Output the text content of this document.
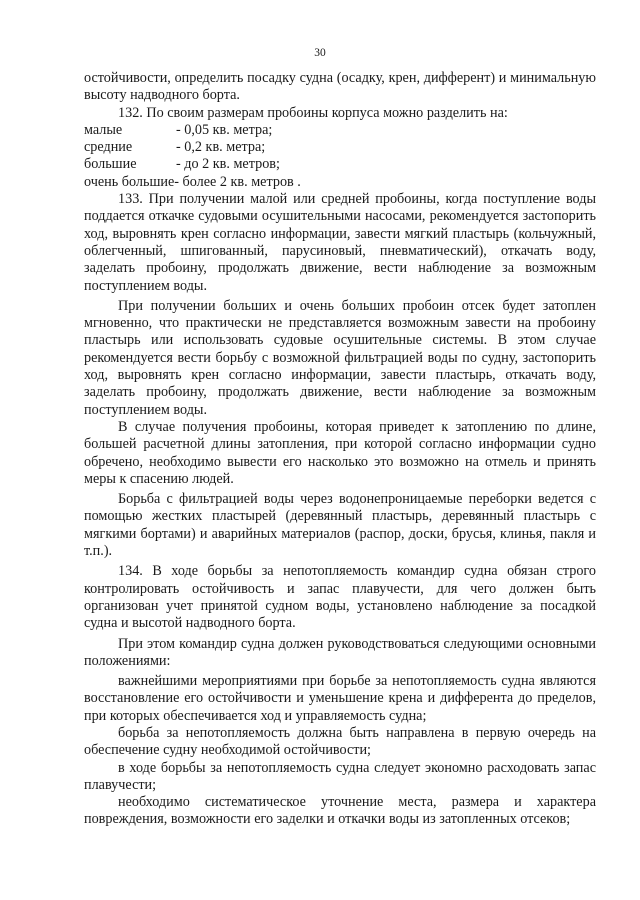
30

остойчивости, определить посадку судна (осадку, крен, дифферент) и минимальную высоту надводного борта.

132. По своим размерам пробоины корпуса можно разделить на:

малые	- 0,05 кв. метра;
средние	- 0,2 кв. метра;
большие	- до 2 кв. метров;
очень большие - более 2 кв. метров .

133. При получении малой или средней пробоины, когда поступление воды поддается откачке судовыми осушительными насосами, рекомендуется застопорить ход, выровнять крен согласно информации, завести мягкий пластырь (кольчужный, облегченный, шпигованный, парусиновый, пневматический), откачать воду, заделать пробоину, продолжать движение, вести наблюдение за возможным поступлением воды.

При получении больших и очень больших пробоин отсек будет затоплен мгновенно, что практически не представляется возможным завести на пробоину пластырь или использовать судовые осушительные системы. В этом случае рекомендуется вести борьбу с возможной фильтрацией воды по судну, застопорить ход, выровнять крен согласно информации, завести пластырь, откачать воду, заделать пробоину, продолжать движение, вести наблюдение за возможным поступлением воды.

В случае получения пробоины, которая приведет к затоплению по длине, большей расчетной длины затопления, при которой согласно информации судно обречено, необходимо вывести его насколько это возможно на отмель и принять меры к спасению людей.

Борьба с фильтрацией воды через водонепроницаемые переборки ведется с помощью жестких пластырей (деревянный пластырь, деревянный пластырь с мягкими бортами) и аварийных материалов (распор, доски, брусья, клинья, пакля и т.п.).

134. В ходе борьбы за непотопляемость командир судна обязан строго контролировать остойчивость и запас плавучести, для чего должен быть организован учет принятой судном воды, установлено наблюдение за посадкой судна и высотой надводного борта.

При этом командир судна должен руководствоваться следующими основными положениями:

важнейшими мероприятиями при борьбе за непотопляемость судна являются восстановление его остойчивости и уменьшение крена и дифферента до пределов, при которых обеспечивается ход и управляемость судна;

борьба за непотопляемость должна быть направлена в первую очередь на обеспечение судну необходимой остойчивости;

в ходе борьбы за непотопляемость судна следует экономно расходовать запас плавучести;

необходимо систематическое уточнение места, размера и характера повреждения, возможности его заделки и откачки воды из затопленных отсеков;
